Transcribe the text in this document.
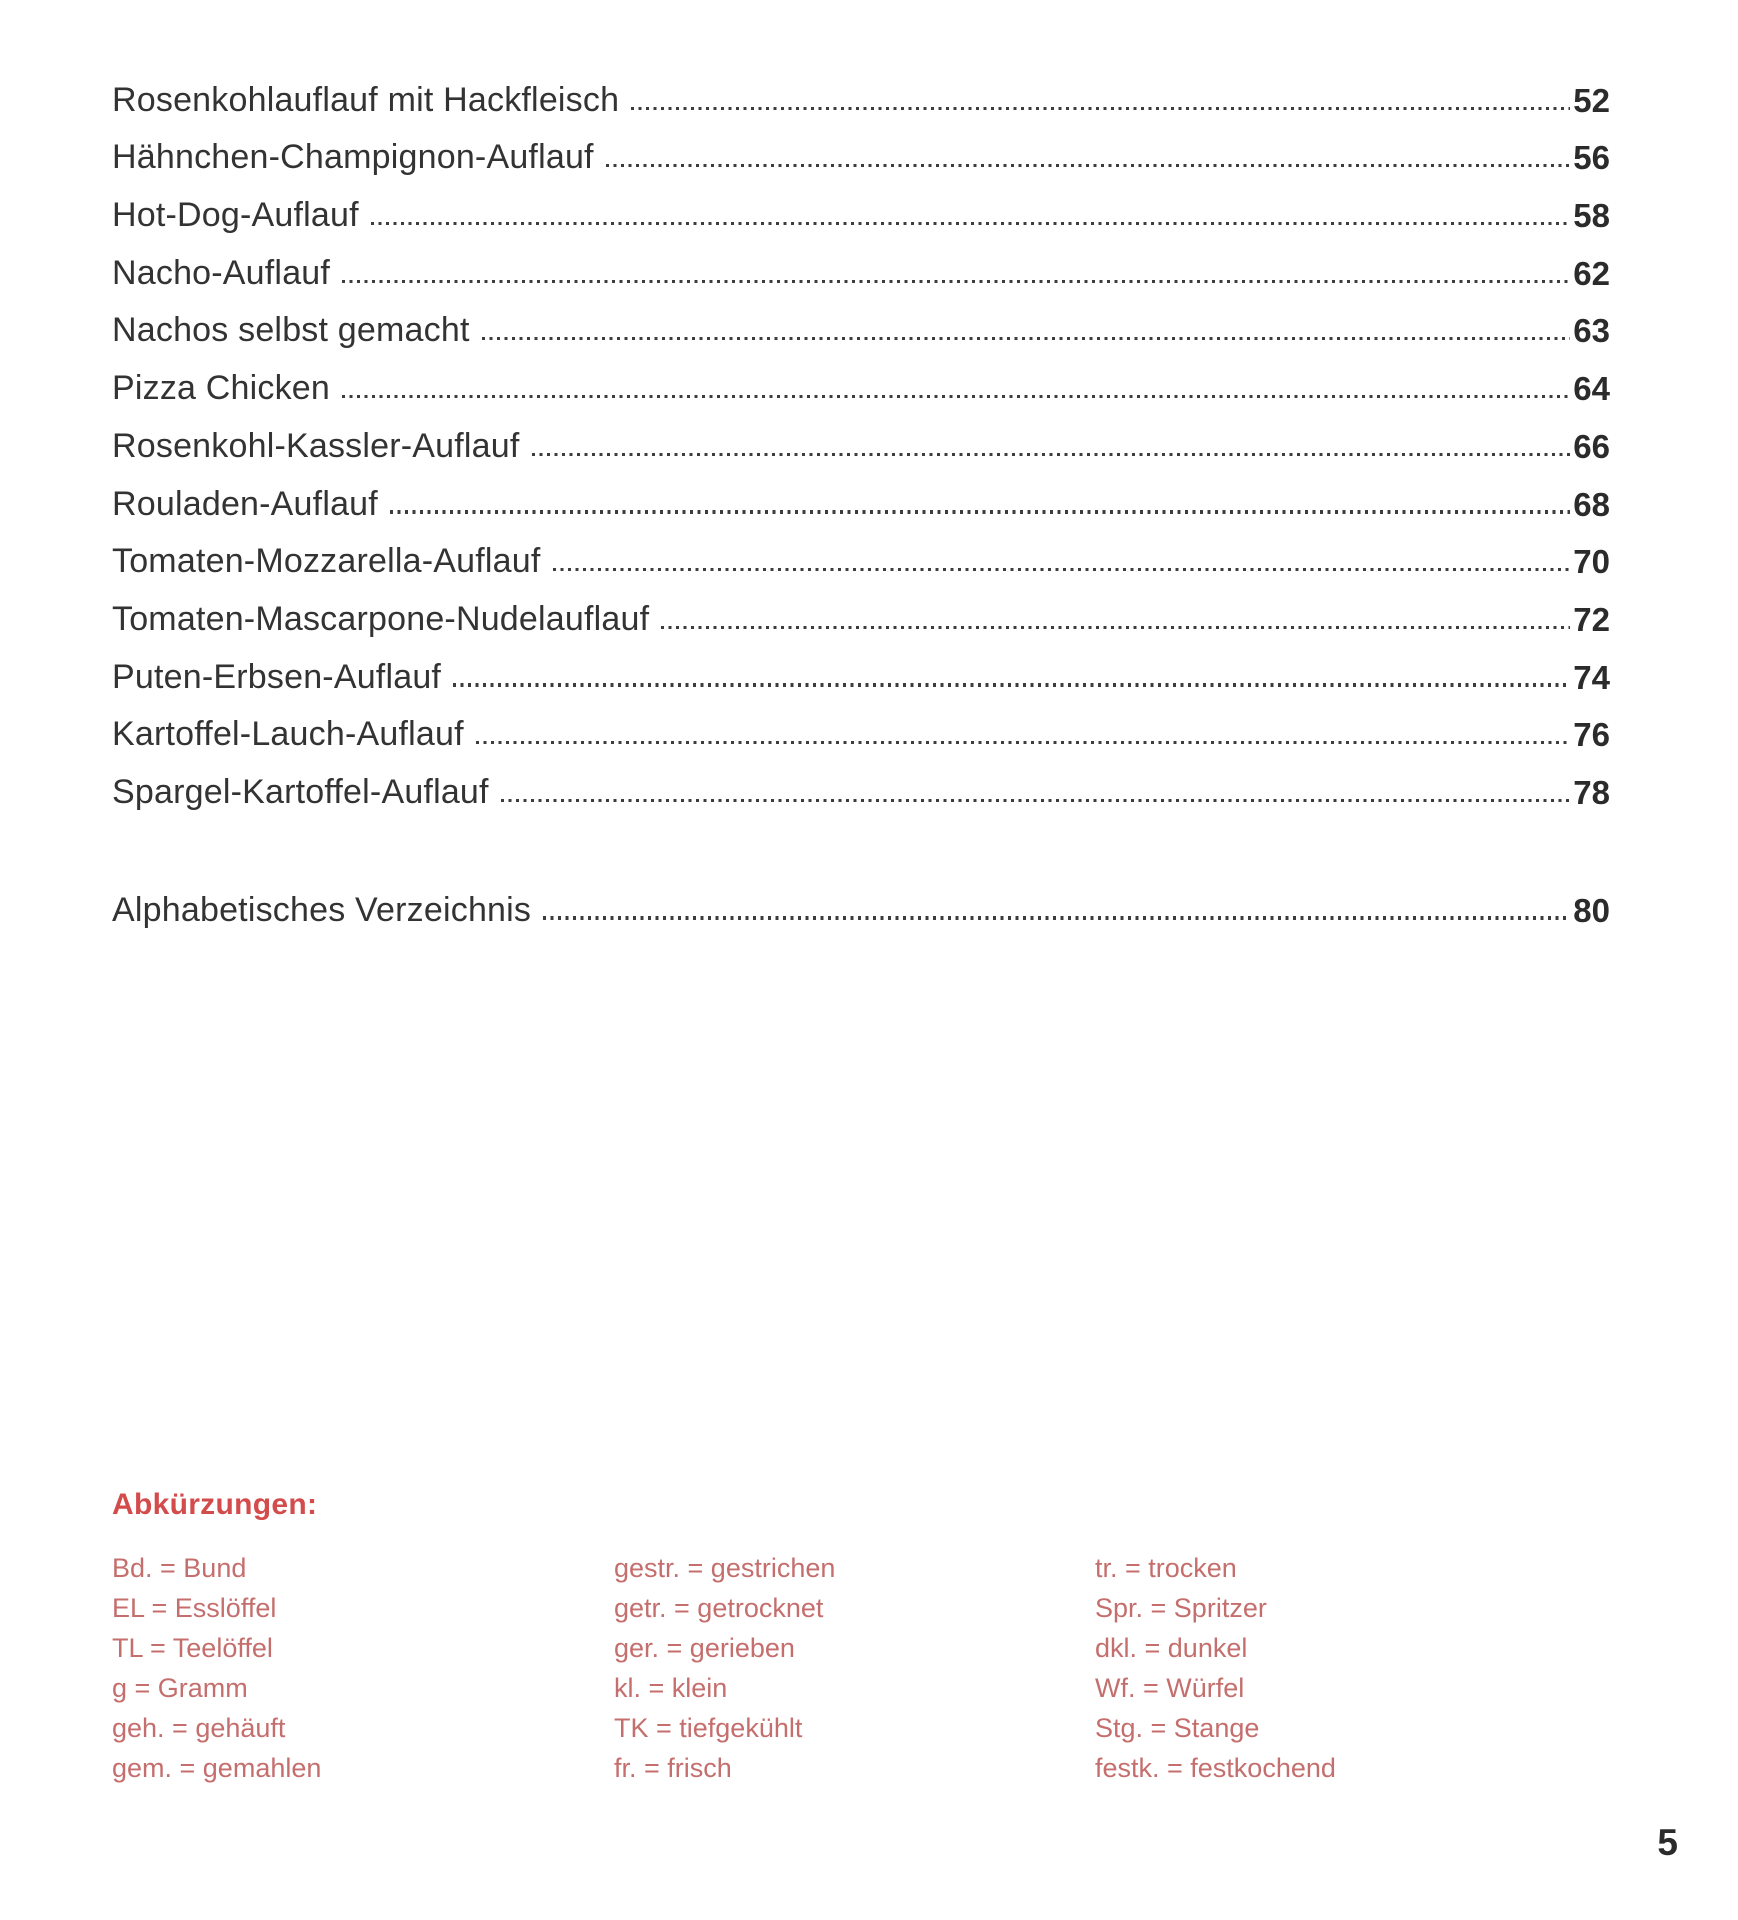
Rosenkohlauflauf mit Hackfleisch	52
Hähnchen-Champignon-Auflauf	56
Hot-Dog-Auflauf	58
Nacho-Auflauf	62
Nachos selbst gemacht	63
Pizza Chicken	64
Rosenkohl-Kassler-Auflauf	66
Rouladen-Auflauf	68
Tomaten-Mozzarella-Auflauf	70
Tomaten-Mascarpone-Nudelauflauf	72
Puten-Erbsen-Auflauf	74
Kartoffel-Lauch-Auflauf	76
Spargel-Kartoffel-Auflauf	78
Alphabetisches Verzeichnis	80
Abkürzungen:
Bd. = Bund
EL = Esslöffel
TL = Teelöffel
g = Gramm
geh. = gehäuft
gem. = gemahlen
gestr. = gestrichen
getr. = getrocknet
ger. = gerieben
kl. = klein
TK = tiefgekühlt
fr. = frisch
tr. = trocken
Spr. = Spritzer
dkl. = dunkel
Wf. = Würfel
Stg. = Stange
festk. = festkochend
5
